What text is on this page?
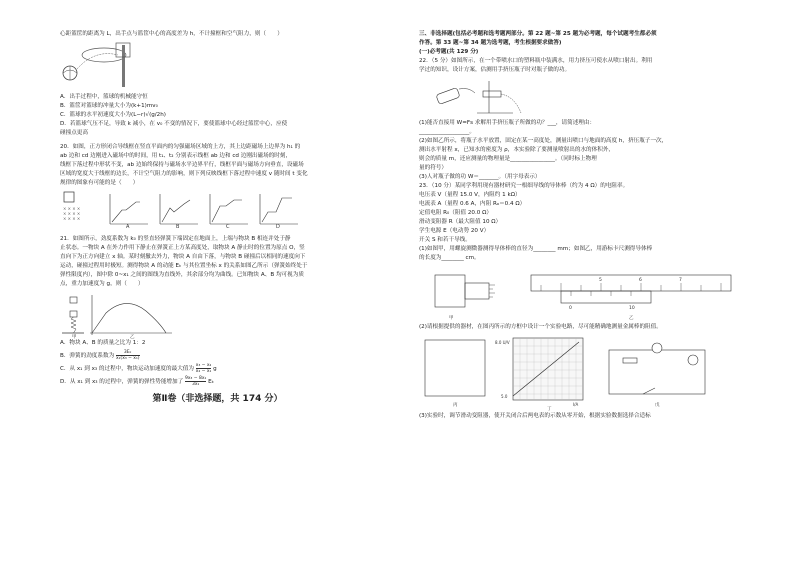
心距篮筐的距离为 L，出手点与篮筐中心的高度差为 h，不计撞框和空气阻力，则（　　）

A．出手过程中，篮球的机械能守恒

B．篮筐对篮球的冲量大小为(k+1)mv₀

C．篮球的水平初速度大小为(L−r)√(g/2h)

D．若篮球气压不足，导致 k 减小，在 v₀ 不变的情况下，要使篮球中心经过篮筐中心，应使

碰撞点更高

20．如图，正方形闭合导线框在竖直平面内的匀强磁场区域的上方，其上边距磁场上边界为 h₁ 的

ab 边和 cd 边刚进入磁场中的时间，用 t₁、t₂ 分别表示线框 ab 边和 cd 边刚出磁场的时刻，

线框下落过程中形状不变，ab 边始终保持与磁场水平边界平行，线框平面与磁场方向垂直，设磁场

区域的宽度大于线框的边长，不计空气阻力的影响，则下列反映线框下落过程中速度 v 随时间 t 变化

规律的图象有可能的是（　　）

× × × ×
× × × ×
× × × ×
A	B	C	D

21．如图所示，劲度系数为 k₀ 的竖直轻弹簧下端固定在地面上，上端与物块 B 相连并处于静

止状态。一物块 A 在外力作用下静止在弹簧正上方某高度处，取物块 A 静止时的位置为原点 O，竖

直向下为正方向建立 x 轴。某时刻撤去外力，物块 A 自由下落，与物块 B 碰撞后以相同的速度向下

运动，碰撞过程用时极短。测得物块 A 的动能 Eₖ 与其位置坐标 x 的关系如图乙所示（弹簧始终处于

弹性限度内），图中除 0~x₁ 之间的图线为直线外，其余部分均为曲线。已知物块 A、B 均可视为质

点，重力加速度为 g，则（　　）

甲	乙

A．物块 A、B 的质量之比为 1：2

B．弹簧的劲度系数为 $\frac{\text{3Eₖ}}{\text{x₁(x₃ − x₁)}}$

C．从 x₁ 到 x₃ 的过程中，物块运动加速度的最大值为 $\frac{\text{x₃ − x₂}}{\text{x₂ − x₁}}$ g

D．从 x₁ 到 x₃ 的过程中，弹簧的弹性势能增加了 $\frac{\text{9x₃ − 8x₁}}{\text{3x₁}}$ Eₖ

第Ⅱ卷（非选择题，共 174 分）

三、非选择题(包括必考题和选考题两部分。第 22 题~第 25 题为必考题，每个试题考生都必须

作答。第 33 题~第 34 题为选考题，考生根据要求做答)

(一)必考题(共 129 分)

22．（5 分）如图所示，在一个带喷水口的塑料瓶中装满水，用力挤压可使水从喷口射出。利用

学过的知识，设计方案，估测用手挤压瓶子时对瓶子做的功。

(1)能否直接用 W=Fs 求解用手挤压瓶子所做的功？___，请简述理由：

__________________。

(2)如图乙所示，将瓶子水平放置，固定在某一高度处，测量出喷口与地面的高度 h，挤压瓶子一次，

测出水平射程 x，已知水的密度为 ρ，本实验除了要测量喷射出的水的体积外，

则会的质量 m，还应测量的物理量是________________。（同时标上物理

量的符号）

(3)人对瓶子做的功 W＝_______。（用字母表示）

23．（10 分）某同学利用现有器材研究一根细导线的导体棒（约为 4 Ω）的电阻率。

电压表 V（量程 15.0 V，内阻约 1 kΩ）

电流表 A（量程 0.6 A，内阻 Rₐ＝0.4 Ω）

定值电阻 R₀（阻值 20.0 Ω）

滑动变阻器 R（最大阻值 10 Ω）

学生电源 E（电动势 20 V）

开关 S 和若干导线。

(1)如图甲，用螺旋测微器测得导体棒的直径为________ mm；如图乙，用游标卡尺测得导体棒

的长度为________ cm。

5	6	7
0	10
甲	乙

(2)请根据提供的器材，在图丙所示的方框中设计一个实验电路，尽可能精确地测量金属棒的阻值。

8.0 U/V
5.0
I/A
丙
丁
戊

(3)实验时，调节滑动变阻器，使开关闭合后两电表的示数从零开始，根据实验数据选择合适标
